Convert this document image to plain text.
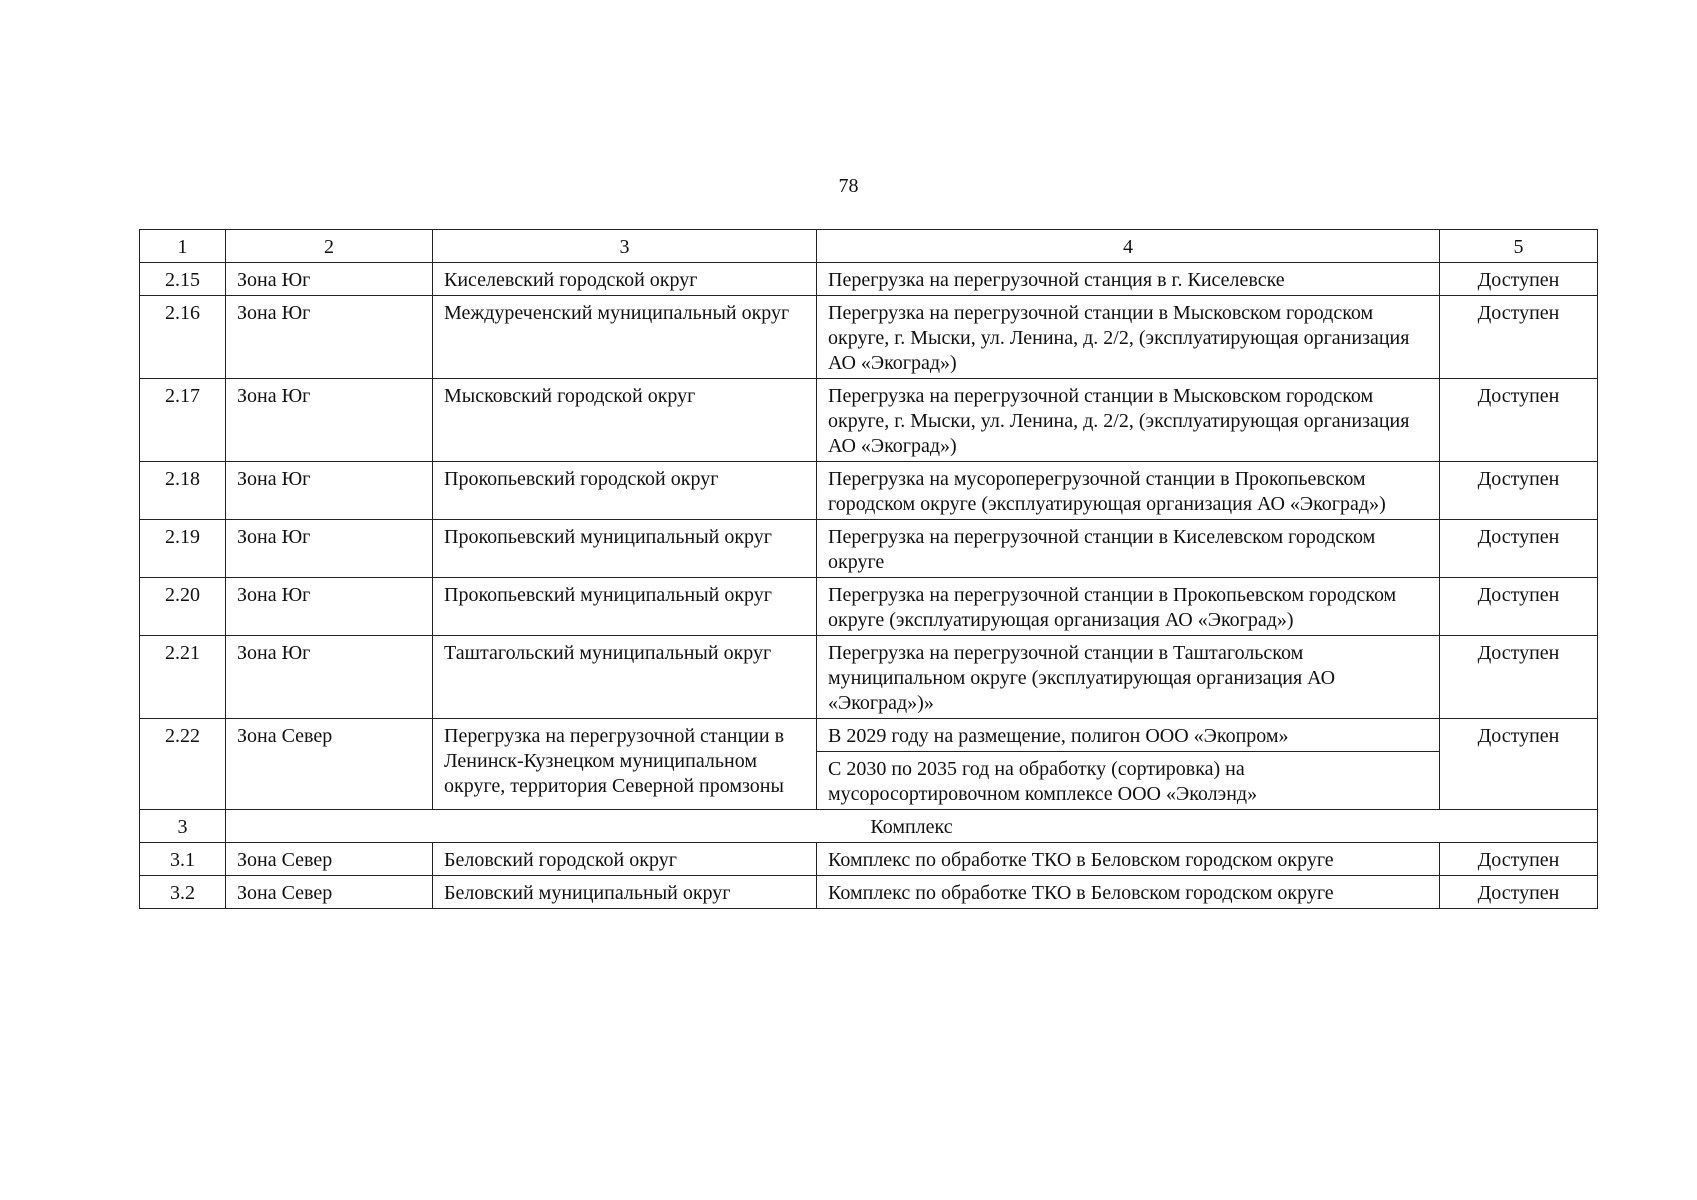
78
1	2	3	4	5
2.15	Зона Юг	Киселевский городской округ	Перегрузка на перегрузочной станция в г. Киселевске	Доступен
2.16	Зона Юг	Междуреченский муниципальный округ	Перегрузка на перегрузочной станции в Мысковском городском округе, г. Мыски, ул. Ленина, д. 2/2, (эксплуатирующая организация АО «Экоград»)	Доступен
2.17	Зона Юг	Мысковский городской округ	Перегрузка на перегрузочной станции в Мысковском городском округе, г. Мыски, ул. Ленина, д. 2/2, (эксплуатирующая организация АО «Экоград»)	Доступен
2.18	Зона Юг	Прокопьевский городской округ	Перегрузка на мусороперегрузочной станции в Прокопьевском городском округе (эксплуатирующая организация АО «Экоград»)	Доступен
2.19	Зона Юг	Прокопьевский муниципальный округ	Перегрузка на перегрузочной станции в Киселевском городском округе	Доступен
2.20	Зона Юг	Прокопьевский муниципальный округ	Перегрузка на перегрузочной станции в Прокопьевском городском округе (эксплуатирующая организация АО «Экоград»)	Доступен
2.21	Зона Юг	Таштагольский муниципальный округ	Перегрузка на перегрузочной станции в Таштагольском муниципальном округе (эксплуатирующая организация АО «Экоград»)»	Доступен
2.22	Зона Север	Перегрузка на перегрузочной станции в Ленинск-Кузнецком муниципальном округе, территория Северной промзоны	В 2029 году на размещение, полигон ООО «Экопром»	Доступен
			С 2030 по 2035 год на обработку (сортировка) на мусоросортировочном комплексе ООО «Эколэнд»	
3	Комплекс			
3.1	Зона Север	Беловский городской округ	Комплекс по обработке ТКО в Беловском городском округе	Доступен
3.2	Зона Север	Беловский муниципальный округ	Комплекс по обработке ТКО в Беловском городском округе	Доступен
